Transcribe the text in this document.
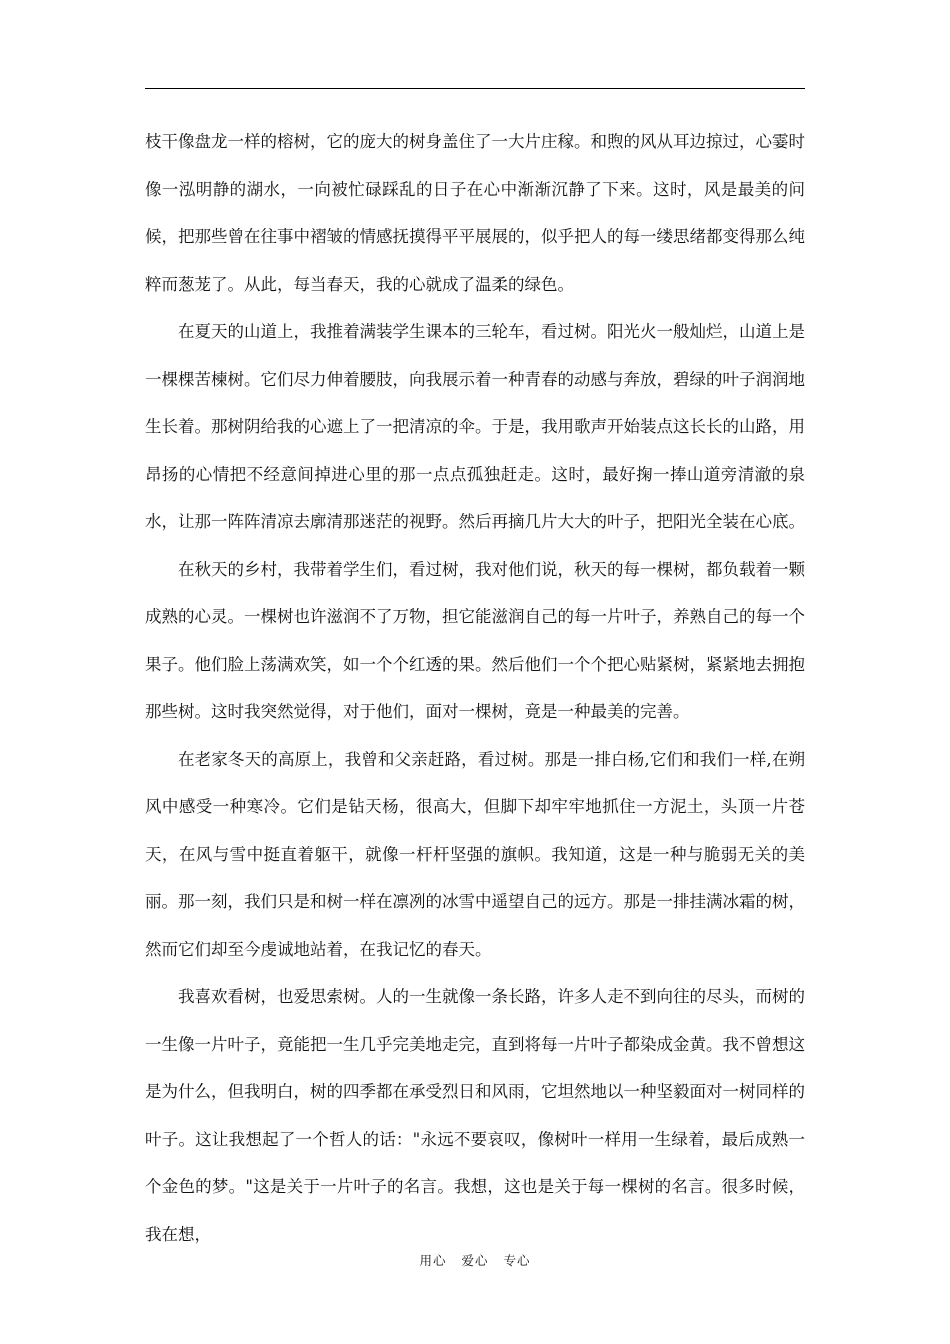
枝干像盘龙一样的榕树，它的庞大的树身盖住了一大片庄稼。和煦的风从耳边掠过，心霎时像一泓明静的湖水，一向被忙碌踩乱的日子在心中渐渐沉静了下来。这时，风是最美的问候，把那些曾在往事中褶皱的情感抚摸得平平展展的，似乎把人的每一缕思绪都变得那么纯粹而葱茏了。从此，每当春天，我的心就成了温柔的绿色。

在夏天的山道上，我推着满装学生课本的三轮车，看过树。阳光火一般灿烂，山道上是一棵棵苦楝树。它们尽力伸着腰肢，向我展示着一种青春的动感与奔放，碧绿的叶子润润地生长着。那树阴给我的心遮上了一把清凉的伞。于是，我用歌声开始装点这长长的山路，用昂扬的心情把不经意间掉进心里的那一点点孤独赶走。这时，最好掬一捧山道旁清澈的泉水，让那一阵阵清凉去廓清那迷茫的视野。然后再摘几片大大的叶子，把阳光全装在心底。

在秋天的乡村，我带着学生们，看过树，我对他们说，秋天的每一棵树，都负载着一颗成熟的心灵。一棵树也许滋润不了万物，担它能滋润自己的每一片叶子，养熟自己的每一个果子。他们脸上荡满欢笑，如一个个红透的果。然后他们一个个把心贴紧树，紧紧地去拥抱那些树。这时我突然觉得，对于他们，面对一棵树，竟是一种最美的完善。

在老家冬天的高原上，我曾和父亲赶路，看过树。那是一排白杨,它们和我们一样,在朔风中感受一种寒冷。它们是钻天杨，很高大，但脚下却牢牢地抓住一方泥土，头顶一片苍天，在风与雪中挺直着躯干，就像一杆杆坚强的旗帜。我知道，这是一种与脆弱无关的美丽。那一刻，我们只是和树一样在凛冽的冰雪中遥望自己的远方。那是一排挂满冰霜的树，然而它们却至今虔诚地站着，在我记忆的春天。

我喜欢看树，也爱思索树。人的一生就像一条长路，许多人走不到向往的尽头，而树的一生像一片叶子，竟能把一生几乎完美地走完，直到将每一片叶子都染成金黄。我不曾想这是为什么，但我明白，树的四季都在承受烈日和风雨，它坦然地以一种坚毅面对一树同样的叶子。这让我想起了一个哲人的话："永远不要哀叹，像树叶一样用一生绿着，最后成熟一个金色的梦。"这是关于一片叶子的名言。我想，这也是关于每一棵树的名言。很多时候，我在想，

用心 爱心 专心
